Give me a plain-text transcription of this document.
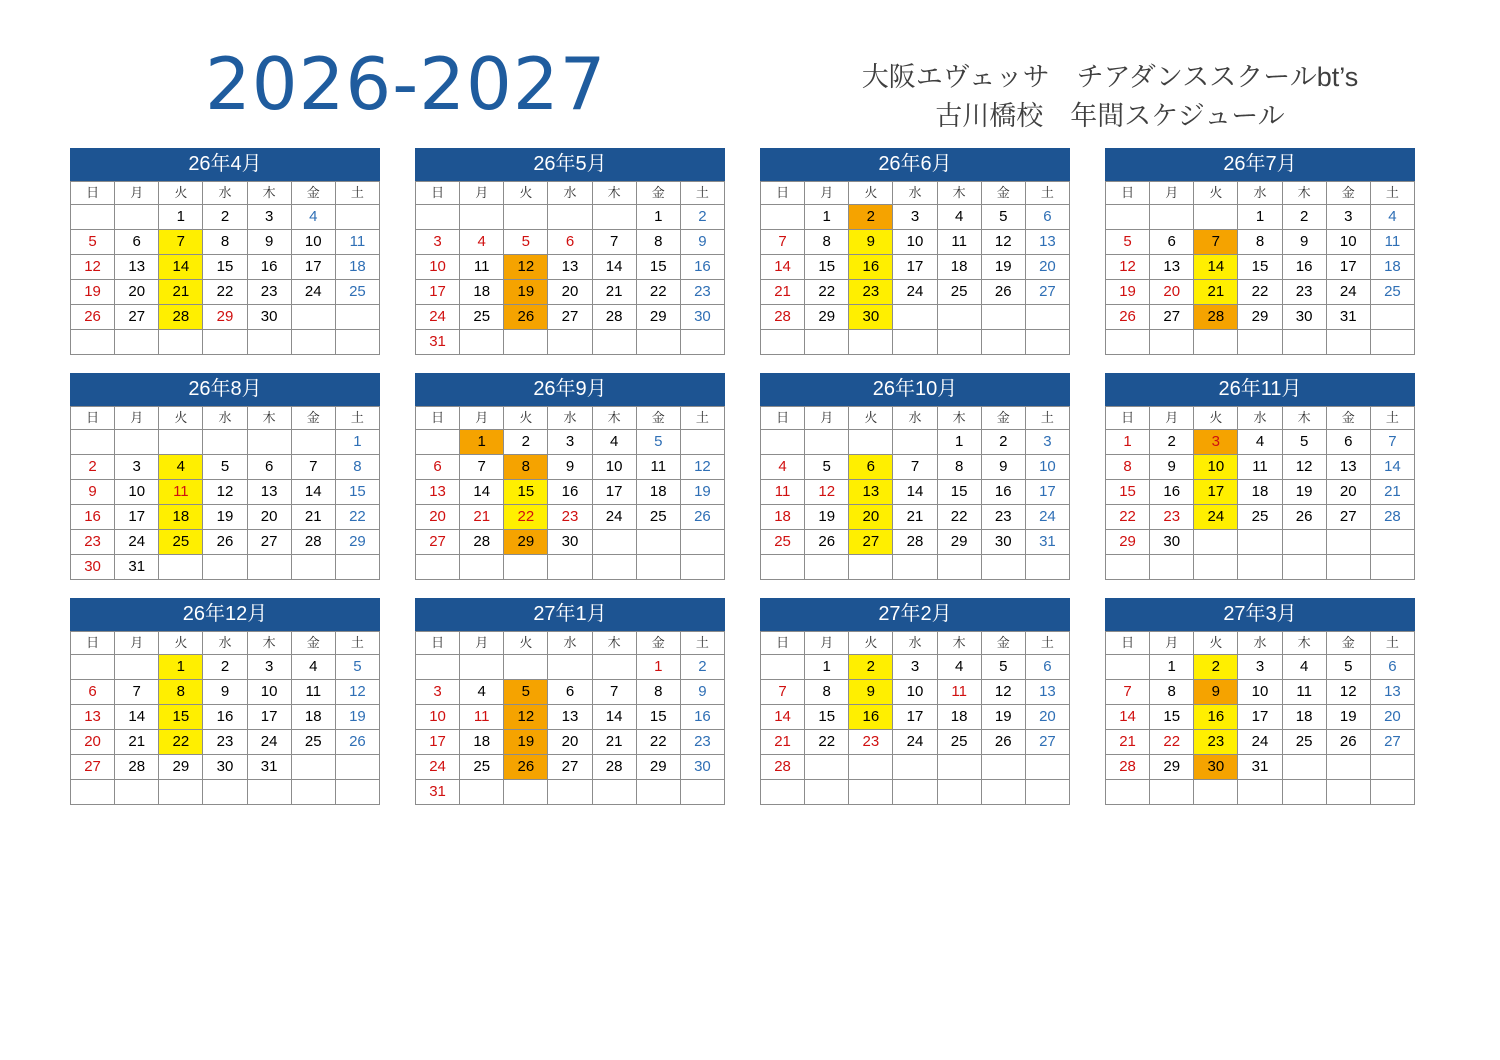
2026-2027	大阪エヴェッサ　チアダンススクールbt’s
古川橋校　年間スケジュール
26年4月
日	月	火	水	木	金	土
		1	2	3	4	
5	6	7	8	9	10	11
12	13	14	15	16	17	18
19	20	21	22	23	24	25
26	27	28	29	30		

26年5月
日	月	火	水	木	金	土
					1	2
3	4	5	6	7	8	9
10	11	12	13	14	15	16
17	18	19	20	21	22	23
24	25	26	27	28	29	30
31						
26年6月
日	月	火	水	木	金	土
	1	2	3	4	5	6
7	8	9	10	11	12	13
14	15	16	17	18	19	20
21	22	23	24	25	26	27
28	29	30				

26年7月
日	月	火	水	木	金	土
			1	2	3	4
5	6	7	8	9	10	11
12	13	14	15	16	17	18
19	20	21	22	23	24	25
26	27	28	29	30	31	

26年8月
日	月	火	水	木	金	土
						1
2	3	4	5	6	7	8
9	10	11	12	13	14	15
16	17	18	19	20	21	22
23	24	25	26	27	28	29
30	31					
26年9月
日	月	火	水	木	金	土
	1	2	3	4	5	
6	7	8	9	10	11	12
13	14	15	16	17	18	19
20	21	22	23	24	25	26
27	28	29	30			

26年10月
日	月	火	水	木	金	土
				1	2	3
4	5	6	7	8	9	10
11	12	13	14	15	16	17
18	19	20	21	22	23	24
25	26	27	28	29	30	31

26年11月
日	月	火	水	木	金	土
1	2	3	4	5	6	7
8	9	10	11	12	13	14
15	16	17	18	19	20	21
22	23	24	25	26	27	28
29	30					

26年12月
日	月	火	水	木	金	土
		1	2	3	4	5
6	7	8	9	10	11	12
13	14	15	16	17	18	19
20	21	22	23	24	25	26
27	28	29	30	31		

27年1月
日	月	火	水	木	金	土
					1	2
3	4	5	6	7	8	9
10	11	12	13	14	15	16
17	18	19	20	21	22	23
24	25	26	27	28	29	30
31						
27年2月
日	月	火	水	木	金	土
	1	2	3	4	5	6
7	8	9	10	11	12	13
14	15	16	17	18	19	20
21	22	23	24	25	26	27
28						

27年3月
日	月	火	水	木	金	土
	1	2	3	4	5	6
7	8	9	10	11	12	13
14	15	16	17	18	19	20
21	22	23	24	25	26	27
28	29	30	31			
